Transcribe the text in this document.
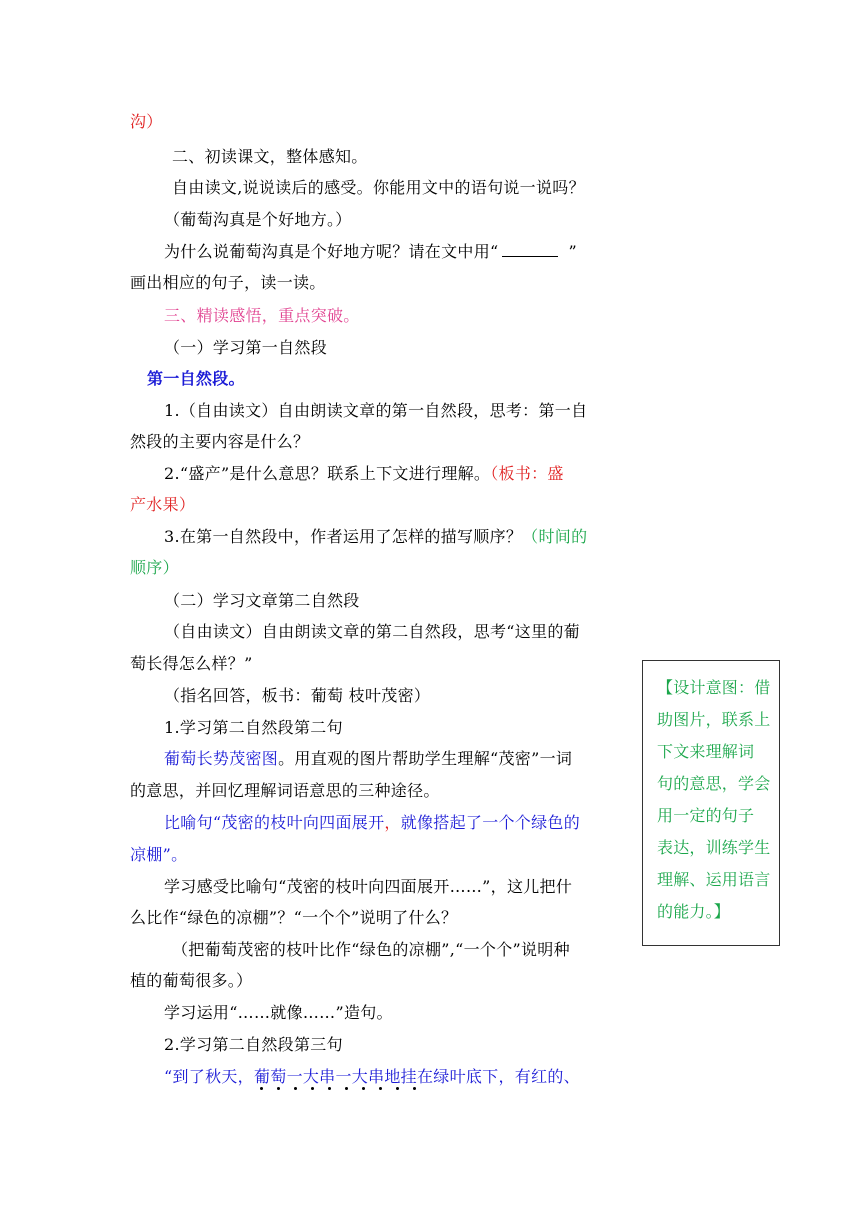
沟）
二、初读课文，整体感知。
自由读文,说说读后的感受。你能用文中的语句说一说吗？
（葡萄沟真是个好地方。）
为什么说葡萄沟真是个好地方呢？请在文中用“	”
画出相应的句子，读一读。
三、精读感悟，重点突破。
（一）学习第一自然段
第一自然段。
1.（自由读文）自由朗读文章的第一自然段，思考：第一自
然段的主要内容是什么？
2.“盛产”是什么意思？联系上下文进行理解。（板书：盛
产水果）
3.在第一自然段中，作者运用了怎样的描写顺序？（时间的
顺序）
（二）学习文章第二自然段
（自由读文）自由朗读文章的第二自然段，思考“这里的葡
萄长得怎么样？”
（指名回答，板书：葡萄 枝叶茂密）
1.学习第二自然段第二句
葡萄长势茂密图。用直观的图片帮助学生理解“茂密”一词
的意思，并回忆理解词语意思的三种途径。
比喻句“茂密的枝叶向四面展开，就像搭起了一个个绿色的
凉棚”。
学习感受比喻句“茂密的枝叶向四面展开……”，这儿把什
么比作“绿色的凉棚”？“一个个”说明了什么？
（把葡萄茂密的枝叶比作“绿色的凉棚”,“一个个”说明种
植的葡萄很多。）
学习运用“……就像……”造句。
2.学习第二自然段第三句
“到了秋天，葡萄一大串一大串地挂在绿叶底下，有红的、
【设计意图：借
助图片，联系上
下文来理解词
句的意思，学会
用一定的句子
表达，训练学生
理解、运用语言
的能力。】
